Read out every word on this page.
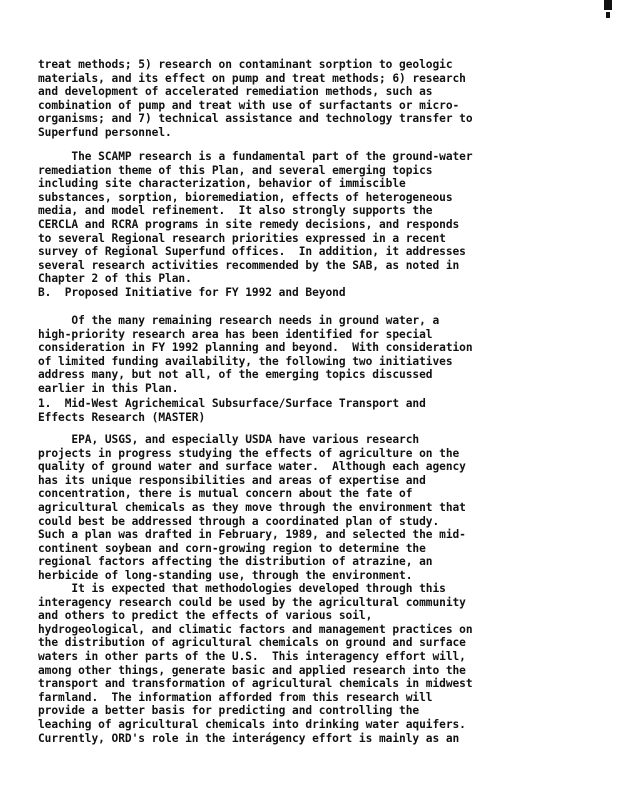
treat methods; 5) research on contaminant sorption to geologic
materials, and its effect on pump and treat methods; 6) research
and development of accelerated remediation methods, such as
combination of pump and treat with use of surfactants or micro-
organisms; and 7) technical assistance and technology transfer to
Superfund personnel.
The SCAMP research is a fundamental part of the ground-water
remediation theme of this Plan, and several emerging topics
including site characterization, behavior of immiscible
substances, sorption, bioremediation, effects of heterogeneous
media, and model refinement.  It also strongly supports the
CERCLA and RCRA programs in site remedy decisions, and responds
to several Regional research priorities expressed in a recent
survey of Regional Superfund offices.  In addition, it addresses
several research activities recommended by the SAB, as noted in
Chapter 2 of this Plan.
B.  Proposed Initiative for FY 1992 and Beyond
Of the many remaining research needs in ground water, a
high-priority research area has been identified for special
consideration in FY 1992 planning and beyond.  With consideration
of limited funding availability, the following two initiatives
address many, but not all, of the emerging topics discussed
earlier in this Plan.
1.  Mid-West Agrichemical Subsurface/Surface Transport and
Effects Research (MASTER)
EPA, USGS, and especially USDA have various research
projects in progress studying the effects of agriculture on the
quality of ground water and surface water.  Although each agency
has its unique responsibilities and areas of expertise and
concentration, there is mutual concern about the fate of
agricultural chemicals as they move through the environment that
could best be addressed through a coordinated plan of study.
Such a plan was drafted in February, 1989, and selected the mid-
continent soybean and corn-growing region to determine the
regional factors affecting the distribution of atrazine, an
herbicide of long-standing use, through the environment.
It is expected that methodologies developed through this
interagency research could be used by the agricultural community
and others to predict the effects of various soil,
hydrogeological, and climatic factors and management practices on
the distribution of agricultural chemicals on ground and surface
waters in other parts of the U.S.  This interagency effort will,
among other things, generate basic and applied research into the
transport and transformation of agricultural chemicals in midwest
farmland.  The information afforded from this research will
provide a better basis for predicting and controlling the
leaching of agricultural chemicals into drinking water aquifers.
Currently, ORD's role in the interágency effort is mainly as an
